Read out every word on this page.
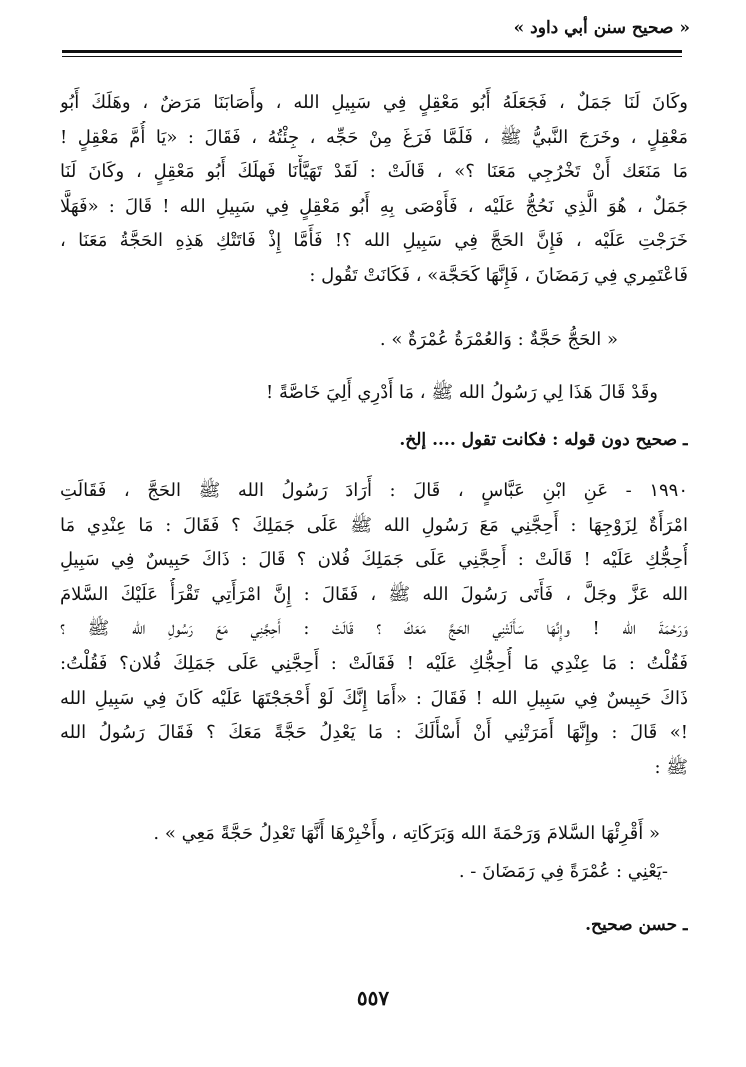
« صحيح سنن أبي داود »
وكَانَ لَنَا جَمَلٌ ، فَجَعَلَهُ أَبُو مَعْقِلٍ فِي سَبِيلِ الله ، وأَصَابَنَا مَرَضٌ ، وهَلَكَ أَبُو
مَعْقِلٍ ، وخَرَجَ النَّبيُّ ﷺ ، فَلَمَّا فَرَغَ مِنْ حَجِّه ، جِئْتُهُ ، فَقَالَ : «يَا أُمَّ مَعْقِلٍ !
مَا مَنَعَك أَنْ تَخْرُجِي مَعَنَا ؟» ، قَالَتْ : لَقَدْ تَهَيَّأْنَا فَهلَكَ أَبُو مَعْقِلٍ ، وكَانَ لَنَا
جَمَلٌ ، هُوَ الَّذِي نَحُجُّ عَلَيْه ، فَأَوْصَى بِهِ أَبُو مَعْقِلٍ فِي سَبِيلِ الله ! قَالَ : «فَهَلَّا
خَرَجْتِ عَلَيْه ، فَإِنَّ الحَجَّ فِي سَبِيلِ الله ؟! فَأَمَّا إِذْ فَاتَتْكِ هَذِهِ الحَجَّةُ مَعَنَا ،
فَاعْتَمِري فِي رَمَضَانَ ، فَإِنَّهَا كَحَجَّة» ، فَكَانَتْ تَقُول :
« الحَجُّ حَجَّةٌ : وَالعُمْرَةُ عُمْرَةٌ » .
وقَدْ قَالَ هَذَا لِي رَسُولُ الله ﷺ ، مَا أَدْرِي أَلِيَ خَاصَّةً !
ـ صحيح دون قوله : فكانت تقول .... إلخ.
١٩٩٠ - عَنِ ابْنِ عَبَّاسٍ ، قَالَ : أَرَادَ رَسُولُ الله ﷺ الحَجَّ ، فَقَالَتِ
امْرَأَةٌ لِزَوْجِهَا : أَحِجَّنِي مَعَ رَسُولِ الله ﷺ عَلَى جَمَلِكَ ؟ فَقَالَ : مَا عِنْدِي مَا
أُحِجُّكِ عَلَيْه ! قَالَتْ : أَحِجَّنِي عَلَى جَمَلِكَ فُلان ؟ قَالَ : ذَاكَ حَبِيسٌ فِي سَبِيلِ
الله عَزَّ وجَلَّ ، فَأَتَى رَسُولَ الله ﷺ ، فَقَالَ : إِنَّ امْرَأَتِي تَقْرَأُ عَلَيْكَ السَّلامَ
وَرَحْمَةَ الله ! وإِنَّهَا سَأَلَتْنِي الحَجَّ مَعَكَ ؟ قَالَتْ : أَحِجَّنِي مَعَ رَسُولِ الله ﷺ ؟
فَقُلْتُ : مَا عِنْدِي مَا أُحِجُّكِ عَلَيْه ! فَقَالَتْ : أَحِجَّنِي عَلَى جَمَلِكَ فُلان؟ فَقُلْتُ:
ذَاكَ حَبِيسٌ فِي سَبِيلِ الله ! فَقَالَ : «أَمَا إِنَّكَ لَوْ أَحْجَجْتَهَا عَلَيْه كَانَ فِي سَبِيلِ الله
!» قَالَ : وإِنَّهَا أَمَرَتْنِي أَنْ أَسْأَلَكَ : مَا يَعْدِلُ حَجَّةً مَعَكَ ؟ فَقَالَ رَسُولُ الله
ﷺ :
« أَقْرِئْهَا السَّلامَ وَرَحْمَةَ الله وَبَرَكَاتِه ، وأَخْبِرْهَا أَنَّهَا تَعْدِلُ حَجَّةً مَعِي » .
-يَعْنِي : عُمْرَةً فِي رَمَضَانَ - .
ـ حسن صحيح.
٥٥٧
